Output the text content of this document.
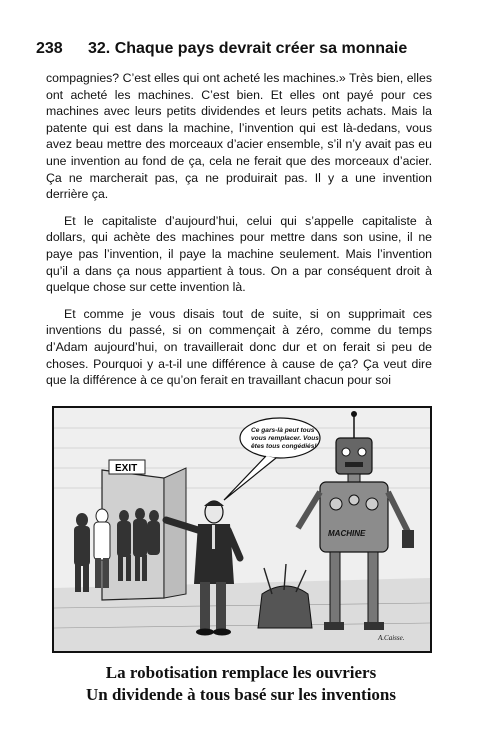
238 32. Chaque pays devrait créer sa monnaie

compagnies? C’est elles qui ont acheté les machines.» Très bien, elles ont acheté les machines. C’est bien. Et elles ont payé pour ces machines avec leurs petits dividendes et leurs petits achats. Mais la patente qui est dans la machine, l’invention qui est là-dedans, vous avez beau mettre des morceaux d’acier ensemble, s’il n’y avait pas eu une invention au fond de ça, cela ne ferait que des morceaux d’acier. Ça ne marcherait pas, ça ne produirait pas. Il y a une invention derrière ça.

Et le capitaliste d’aujourd’hui, celui qui s’appelle capitaliste à dollars, qui achète des machines pour mettre dans son usine, il ne paye pas l’invention, il paye la machine seulement. Mais l’invention qu’il a dans ça nous appartient à tous. On a par conséquent droit à quelque chose sur cette invention là.

Et comme je vous disais tout de suite, si on supprimait ces inventions du passé, si on commençait à zéro, comme du temps d’Adam aujourd’hui, on travaillerait donc dur et on ferait si peu de choses. Pourquoi y a-t-il une différence à cause de ça? Ça veut dire que la différence à ce qu’on ferait en travaillant chacun pour soi

EXIT
Ce gars-là peut tous
vous remplacer. Vous
êtes tous congédiés!
MACHINE
A.Caisse.
La robotisation remplace les ouvriers
Un dividende à tous basé sur les inventions
